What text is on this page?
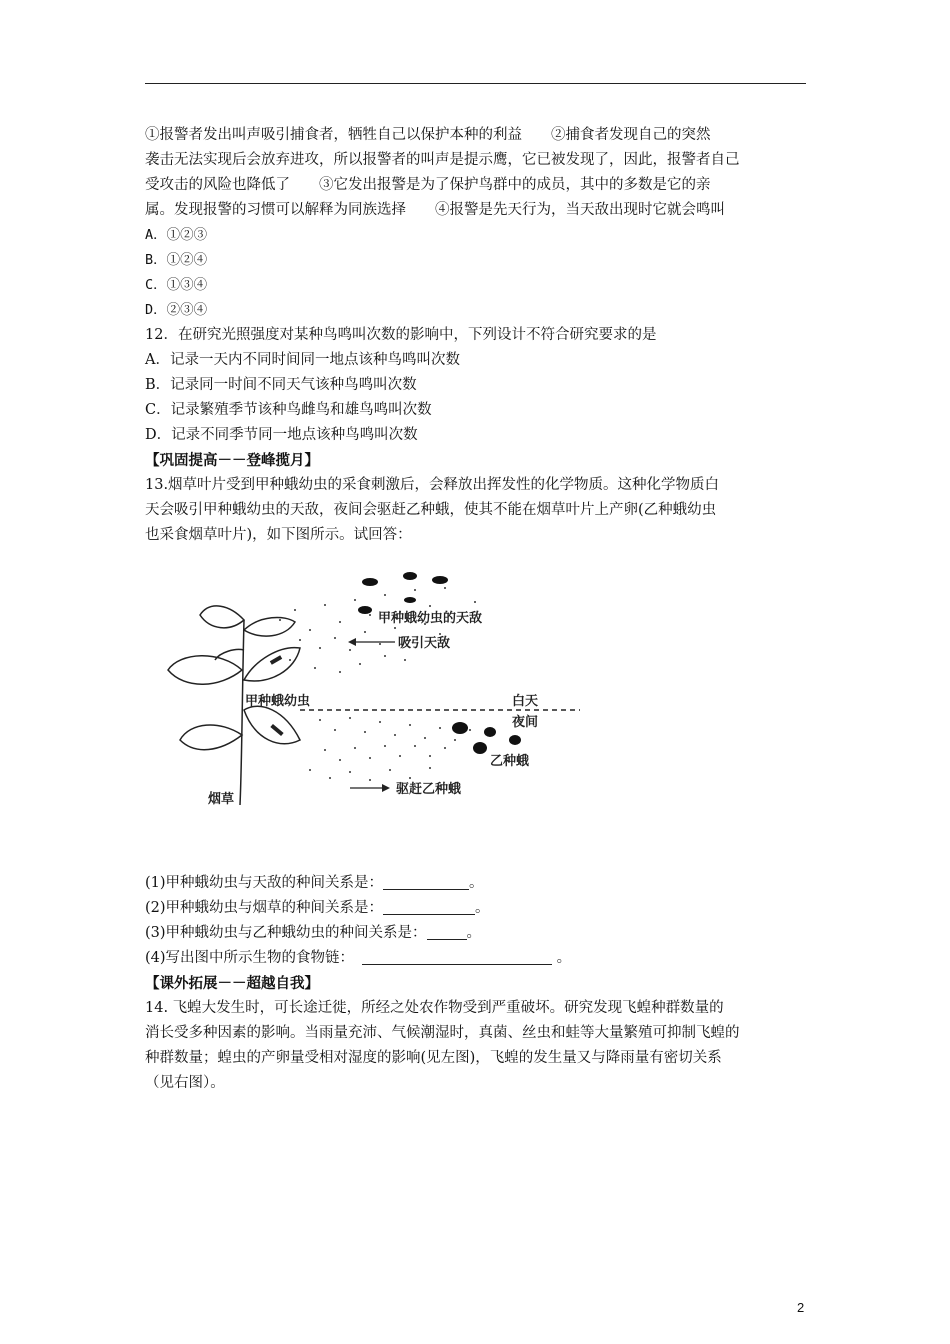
①报警者发出叫声吸引捕食者，牺牲自己以保护本种的利益　　②捕食者发现自己的突然
袭击无法实现后会放弃进攻，所以报警者的叫声是提示鹰，它已被发现了，因此，报警者自己
受攻击的风险也降低了　　③它发出报警是为了保护鸟群中的成员，其中的多数是它的亲
属。发现报警的习惯可以解释为同族选择　　④报警是先天行为，当天敌出现时它就会鸣叫
A．①②③
B．①②④
C．①③④
D．②③④
12．在研究光照强度对某种鸟鸣叫次数的影响中，下列设计不符合研究要求的是
A．记录一天内不同时间同一地点该种鸟鸣叫次数
B．记录同一时间不同天气该种鸟鸣叫次数
C．记录繁殖季节该种鸟雌鸟和雄鸟鸣叫次数
D．记录不同季节同一地点该种鸟鸣叫次数
【巩固提高－－登峰揽月】
13.烟草叶片受到甲种蛾幼虫的采食刺激后，会释放出挥发性的化学物质。这种化学物质白
天会吸引甲种蛾幼虫的天敌，夜间会驱赶乙种蛾，使其不能在烟草叶片上产卵(乙种蛾幼虫
也采食烟草叶片)，如下图所示。试回答：
甲种蛾幼虫的天敌
吸引天敌
甲种蛾幼虫	白天
夜间
乙种蛾
驱赶乙种蛾
烟草
(1)甲种蛾幼虫与天敌的种间关系是：	。
(2)甲种蛾幼虫与烟草的种间关系是：	。
(3)甲种蛾幼虫与乙种蛾幼虫的种间关系是：	。
(4)写出图中所示生物的食物链：	。
【课外拓展－－超越自我】
14. 飞蝗大发生时，可长途迁徙，所经之处农作物受到严重破坏。研究发现飞蝗种群数量的
消长受多种因素的影响。当雨量充沛、气候潮湿时，真菌、丝虫和蛙等大量繁殖可抑制飞蝗的
种群数量；蝗虫的产卵量受相对湿度的影响(见左图)，飞蝗的发生量又与降雨量有密切关系
（见右图）。
2
